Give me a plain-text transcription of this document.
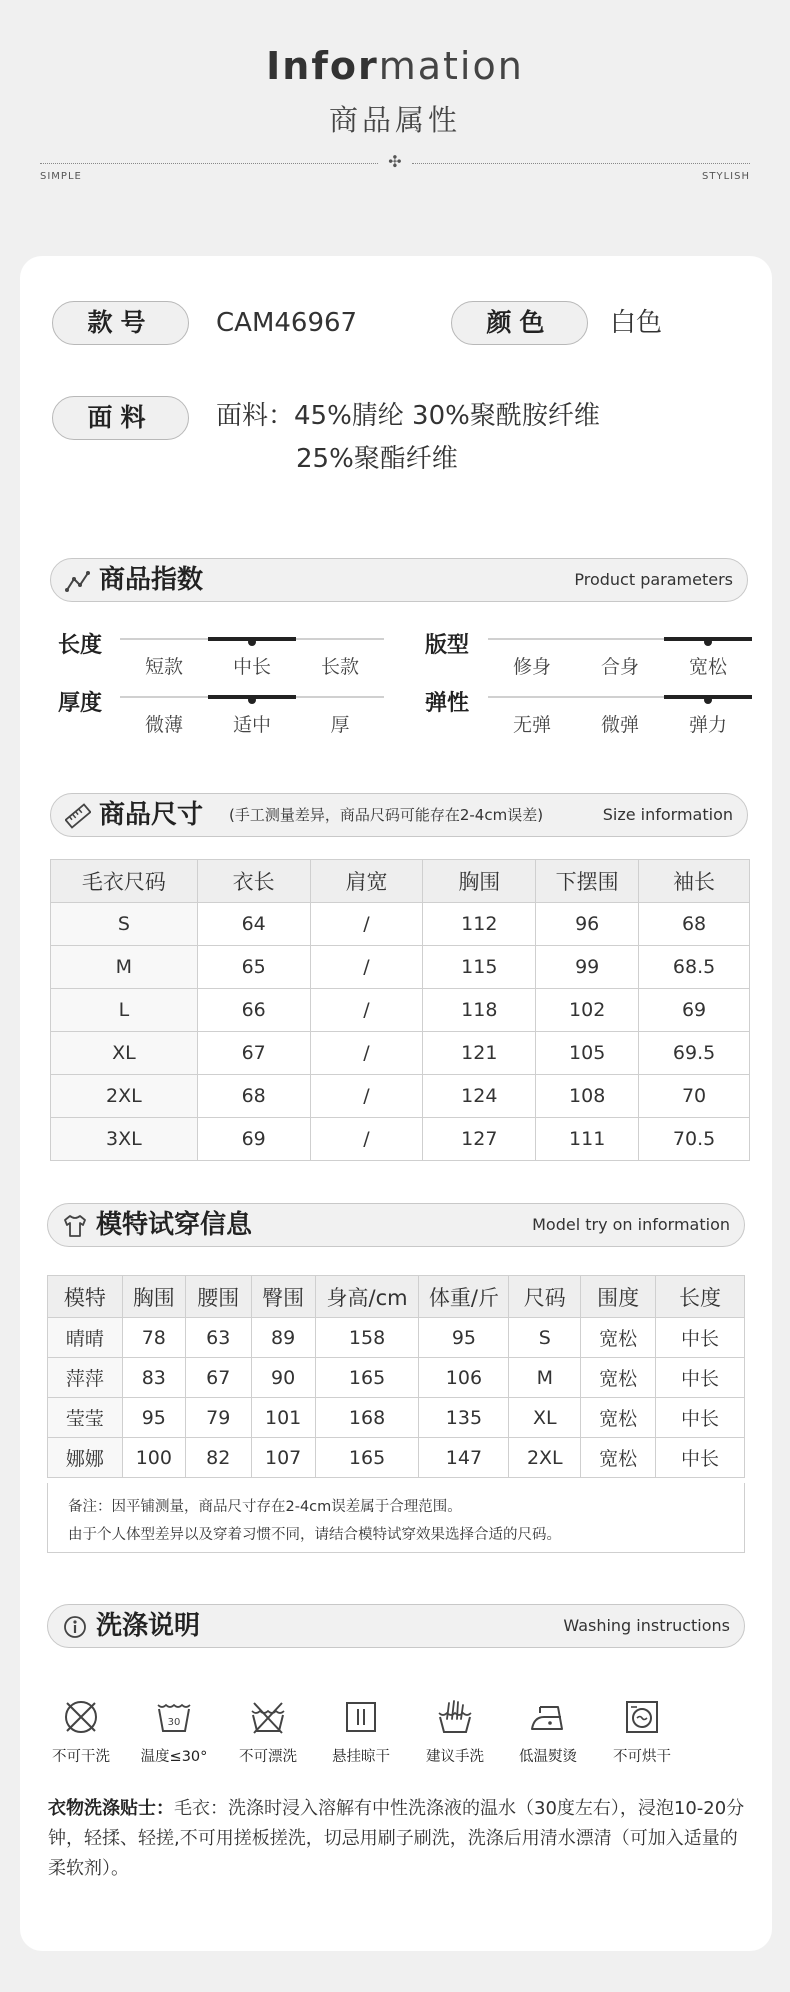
Information
商品属性
✣
SIMPLE	STYLISH
款号	CAM46967	颜色	白色
面料	面料：45%腈纶 30%聚酰胺纤维
25%聚酯纤维
商品指数	Product parameters
长度
短款	中长	长款
版型
修身	合身	宽松
厚度
微薄	适中	厚
弹性
无弹	微弹	弹力
商品尺寸 (手工测量差异，商品尺码可能存在2-4cm误差)	Size information
毛衣尺码	衣长	肩宽	胸围	下摆围	袖长
S	64	/	112	96	68
M	65	/	115	99	68.5
L	66	/	118	102	69
XL	67	/	121	105	69.5
2XL	68	/	124	108	70
3XL	69	/	127	111	70.5
模特试穿信息	Model try on information
模特	胸围	腰围	臀围	身高/cm	体重/斤	尺码	围度	长度
晴晴	78	63	89	158	95	S	宽松	中长
萍萍	83	67	90	165	106	M	宽松	中长
莹莹	95	79	101	168	135	XL	宽松	中长
娜娜	100	82	107	165	147	2XL	宽松	中长

备注：因平铺测量，商品尺寸存在2-4cm误差属于合理范围。

由于个人体型差异以及穿着习惯不同，请结合模特试穿效果选择合适的尺码。

洗涤说明	Washing instructions
不可干洗
30
温度≤30°	不可漂洗	悬挂晾干	建议手洗	低温熨烫	不可烘干
衣物洗涤贴士：毛衣：洗涤时浸入溶解有中性洗涤液的温水（30度左右），浸泡10-20分钟，轻揉、轻搓,不可用搓板搓洗，切忌用刷子刷洗，洗涤后用清水漂清（可加入适量的柔软剂）。
